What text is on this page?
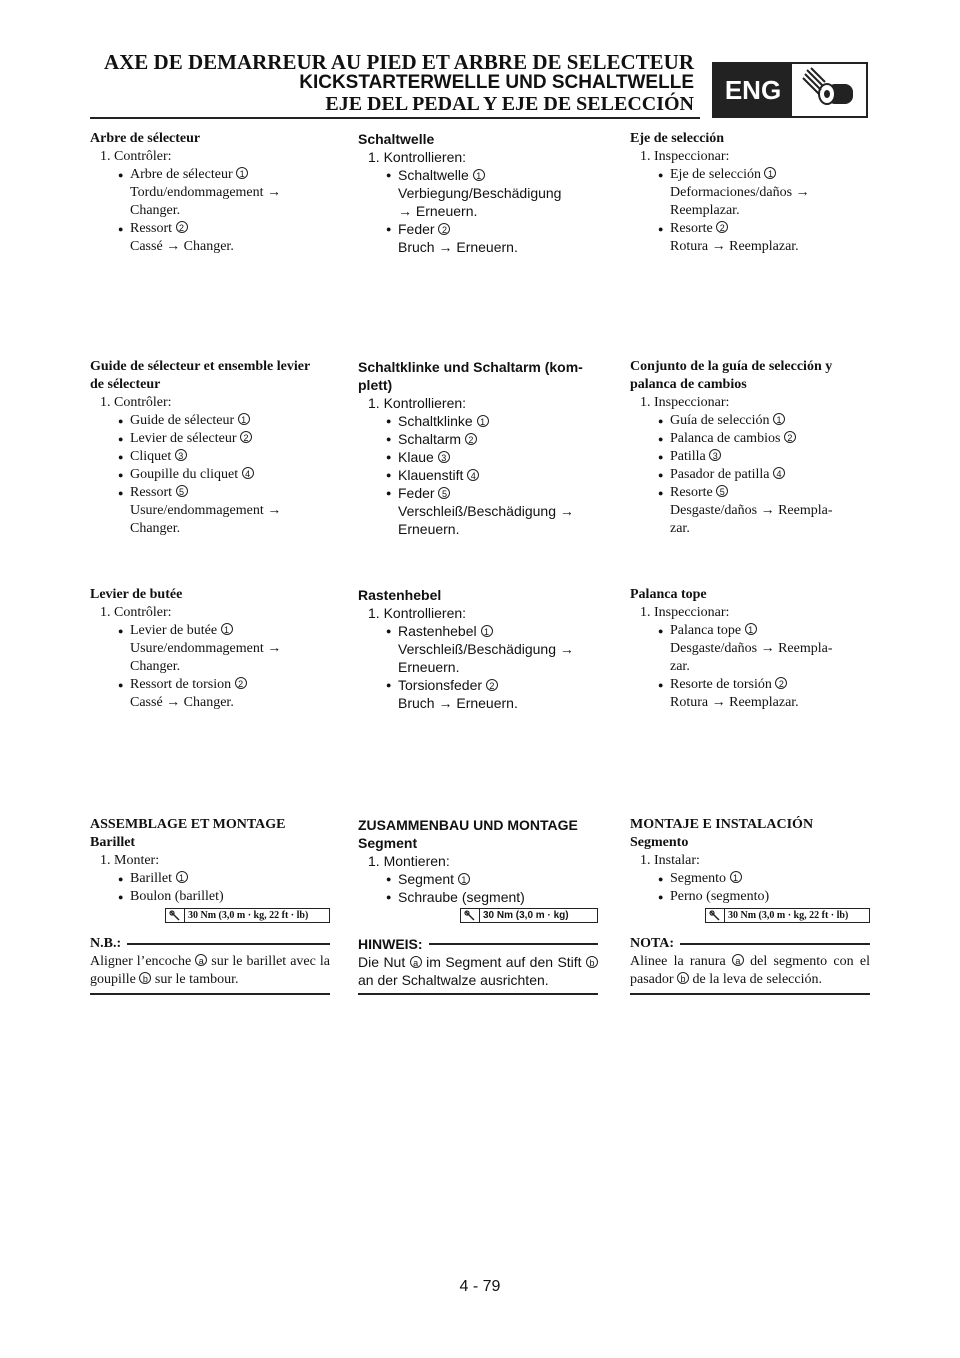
AXE DE DEMARREUR AU PIED ET ARBRE DE SELECTEUR
KICKSTARTERWELLE UND SCHALTWELLE
EJE DEL PEDAL Y EJE DE SELECCIÓN	ENG
Arbre de sélecteur
1. Contrôler:
● Arbre de sélecteur 1
Tordu/endommagement →
Changer.
● Ressort 2
Cassé → Changer.
Guide de sélecteur et ensemble levier
de sélecteur
1. Contrôler:
● Guide de sélecteur 1
● Levier de sélecteur 2
● Cliquet 3
● Goupille du cliquet 4
● Ressort 5
Usure/endommagement →
Changer.
Levier de butée
1. Contrôler:
● Levier de butée 1
Usure/endommagement →
Changer.
● Ressort de torsion 2
Cassé → Changer.
ASSEMBLAGE ET MONTAGE
Barillet
1. Monter:
● Barillet 1
● Boulon (barillet)
30 Nm (3,0 m · kg, 22 ft · lb)
N.B.:
Aligner l’encoche a sur le barillet avec la goupille b sur le tambour.
Schaltwelle
1. Kontrollieren:
● Schaltwelle 1
Verbiegung/Beschädigung
→ Erneuern.
● Feder 2
Bruch → Erneuern.
Schaltklinke und Schaltarm (kom-
plett)
1. Kontrollieren:
● Schaltklinke 1
● Schaltarm 2
● Klaue 3
● Klauenstift 4
● Feder 5
Verschleiß/Beschädigung →
Erneuern.
Rastenhebel
1. Kontrollieren:
● Rastenhebel 1
Verschleiß/Beschädigung →
Erneuern.
● Torsionsfeder 2
Bruch → Erneuern.
ZUSAMMENBAU UND MONTAGE
Segment
1. Montieren:
● Segment 1
● Schraube (segment)
30 Nm (3,0 m · kg)
HINWEIS:
Die Nut a im Segment auf den Stift b an der Schaltwalze ausrichten.
Eje de selección
1. Inspeccionar:
● Eje de selección 1
Deformaciones/daños →
Reemplazar.
● Resorte 2
Rotura → Reemplazar.
Conjunto de la guía de selección y
palanca de cambios
1. Inspeccionar:
● Guía de selección 1
● Palanca de cambios 2
● Patilla 3
● Pasador de patilla 4
● Resorte 5
Desgaste/daños → Reempla-
zar.
Palanca tope
1. Inspeccionar:
● Palanca tope 1
Desgaste/daños → Reempla-
zar.
● Resorte de torsión 2
Rotura → Reemplazar.
MONTAJE E INSTALACIÓN
Segmento
1. Instalar:
● Segmento 1
● Perno (segmento)
30 Nm (3,0 m · kg, 22 ft · lb)
NOTA:
Alinee la ranura a del segmento con el pasador b de la leva de selección.
4 - 79
